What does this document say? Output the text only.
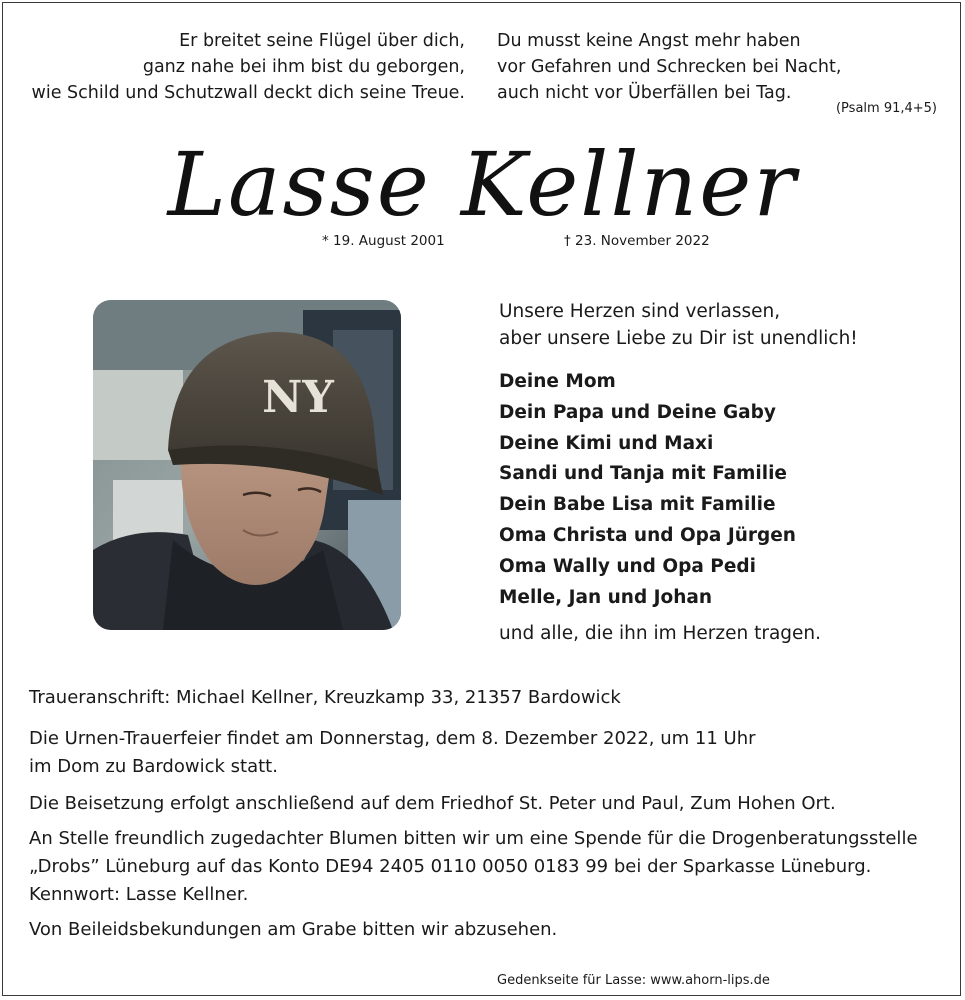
Er breitet seine Flügel über dich,
ganz nahe bei ihm bist du geborgen,
wie Schild und Schutzwall deckt dich seine Treue.
Du musst keine Angst mehr haben
vor Gefahren und Schrecken bei Nacht,
auch nicht vor Überfällen bei Tag.
(Psalm 91,4+5)
Lasse Kellner
* 19. August 2001	† 23. November 2022
NY
Unsere Herzen sind verlassen,
aber unsere Liebe zu Dir ist unendlich!
Deine Mom
Dein Papa und Deine Gaby
Deine Kimi und Maxi
Sandi und Tanja mit Familie
Dein Babe Lisa mit Familie
Oma Christa und Opa Jürgen
Oma Wally und Opa Pedi
Melle, Jan und Johan
und alle, die ihn im Herzen tragen.
Traueranschrift: Michael Kellner, Kreuzkamp 33, 21357 Bardowick
Die Urnen-Trauerfeier findet am Donnerstag, dem 8. Dezember 2022, um 11 Uhr
im Dom zu Bardowick statt.
Die Beisetzung erfolgt anschließend auf dem Friedhof St. Peter und Paul, Zum Hohen Ort.
An Stelle freundlich zugedachter Blumen bitten wir um eine Spende für die Drogenberatungsstelle
„Drobs” Lüneburg auf das Konto DE94 2405 0110 0050 0183 99 bei der Sparkasse Lüneburg.
Kennwort: Lasse Kellner.
Von Beileidsbekundungen am Grabe bitten wir abzusehen.
Gedenkseite für Lasse: www.ahorn-lips.de
